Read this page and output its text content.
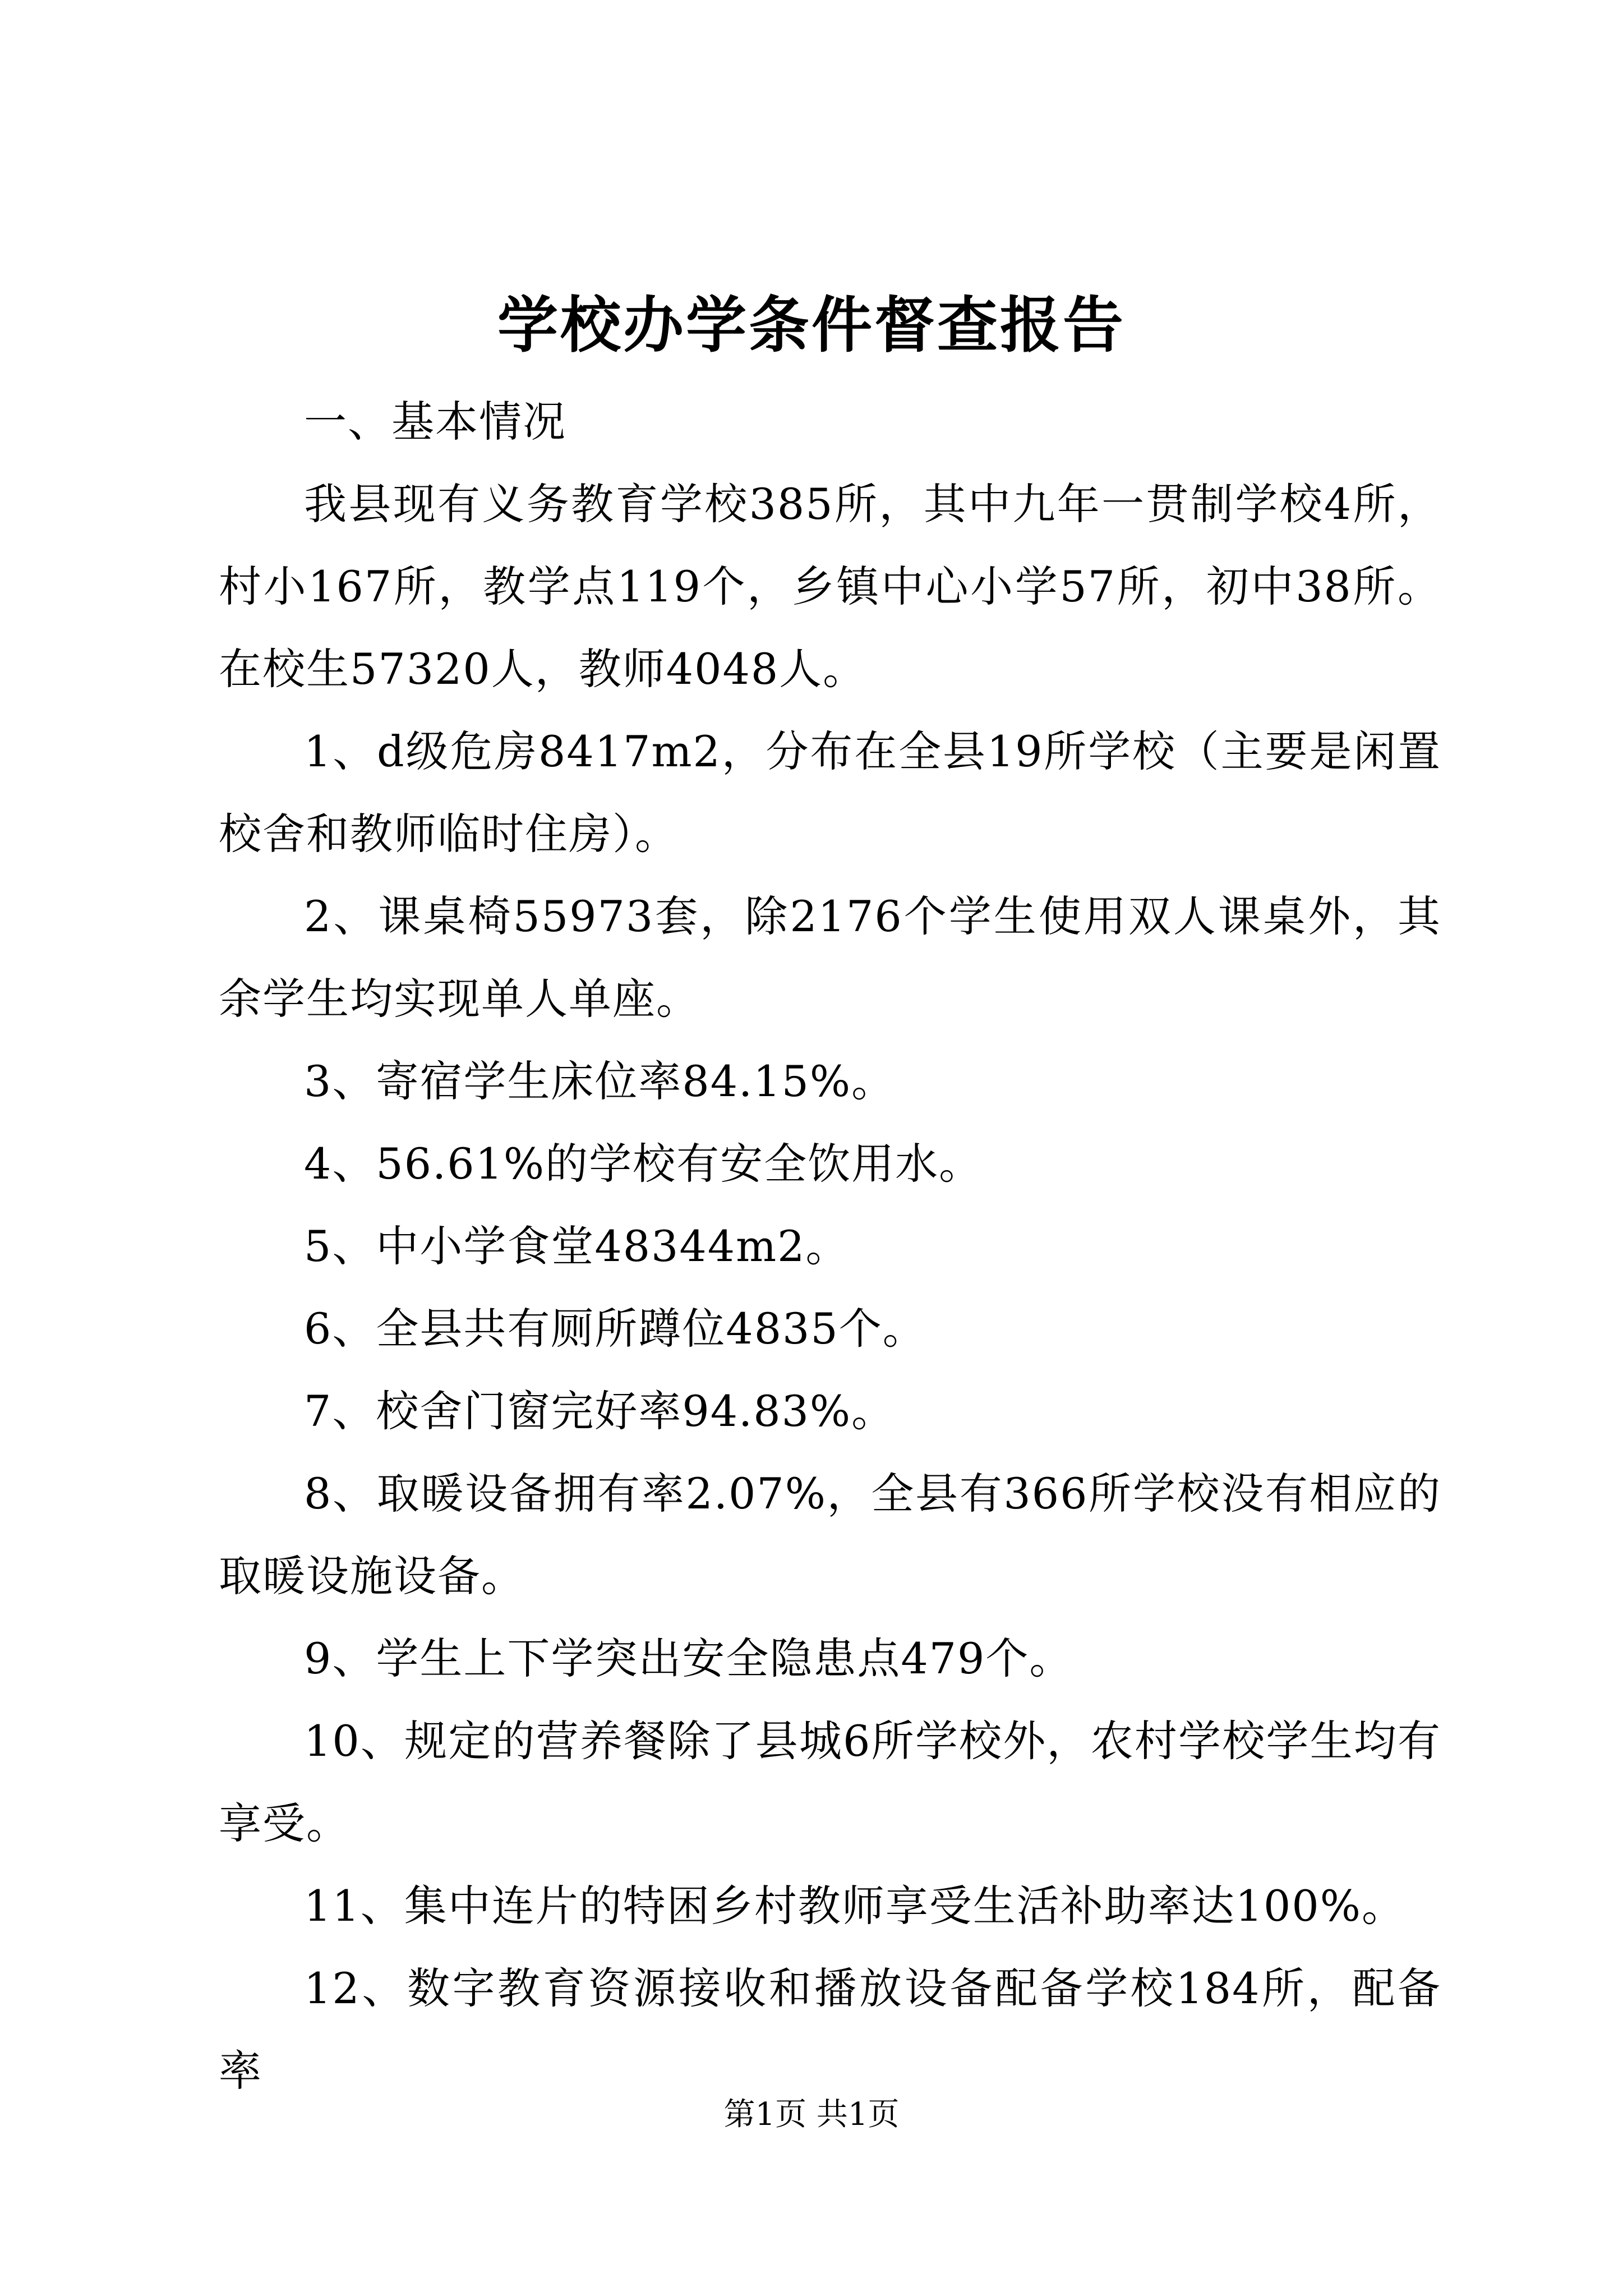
学校办学条件督查报告

一、基本情况

我县现有义务教育学校385所，其中九年一贯制学校4所，村小167所，教学点119个，乡镇中心小学57所，初中38所。在校生57320人，教师4048人。

1、d级危房8417m2，分布在全县19所学校（主要是闲置校舍和教师临时住房）。

2、课桌椅55973套，除2176个学生使用双人课桌外，其余学生均实现单人单座。

3、寄宿学生床位率84.15%。

4、56.61%的学校有安全饮用水。

5、中小学食堂48344m2。

6、全县共有厕所蹲位4835个。

7、校舍门窗完好率94.83%。

8、取暖设备拥有率2.07%，全县有366所学校没有相应的取暖设施设备。

9、学生上下学突出安全隐患点479个。

10、规定的营养餐除了县城6所学校外，农村学校学生均有享受。

11、集中连片的特困乡村教师享受生活补助率达100%。

12、数字教育资源接收和播放设备配备学校184所，配备率

第1页 共1页
